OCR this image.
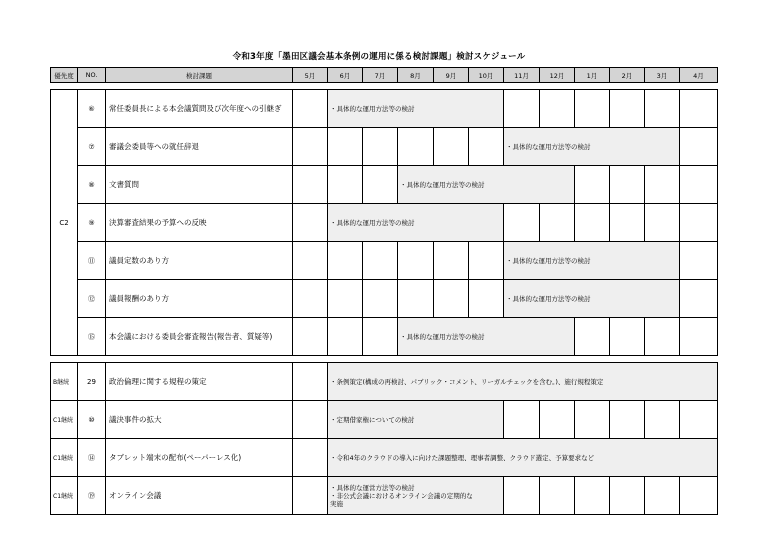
令和3年度「墨田区議会基本条例の運用に係る検討課題」検討スケジュール
優先度	NO.	検討課題	5月	6月	7月	8月	9月	10月	11月	12月	1月	2月	3月	4月
C2	⑥	常任委員長による本会議質問及び次年度への引継ぎ		・具体的な運用方法等の検討										
	⑦	審議会委員等への就任辞退							・具体的な運用方法等の検討					
	⑧	文書質問				・具体的な運用方法等の検討								
	⑨	決算審査結果の予算への反映		・具体的な運用方法等の検討										
	⑪	議員定数のあり方							・具体的な運用方法等の検討					
	⑫	議員報酬のあり方							・具体的な運用方法等の検討					
	⑮	本会議における委員会審査報告(報告者、質疑等)				・具体的な運用方法等の検討								
B継続	29	政治倫理に関する規程の策定		・条例策定(構成の再検討、パブリック・コメント、リーガルチェックを含む。)、施行規程策定						
C1継続	⑩	議決事件の拡大		・定期借家権についての検討						
C1継続	⑭	タブレット端末の配布(ペーパーレス化)		・令和4年のクラウドの導入に向けた課題整理、理事者調整、クラウド選定、予算要求など						
C1継続	⑲	オンライン会議		・具体的な運営方法等の検討
・非公式会議におけるオンライン会議の定期的な
実施						
